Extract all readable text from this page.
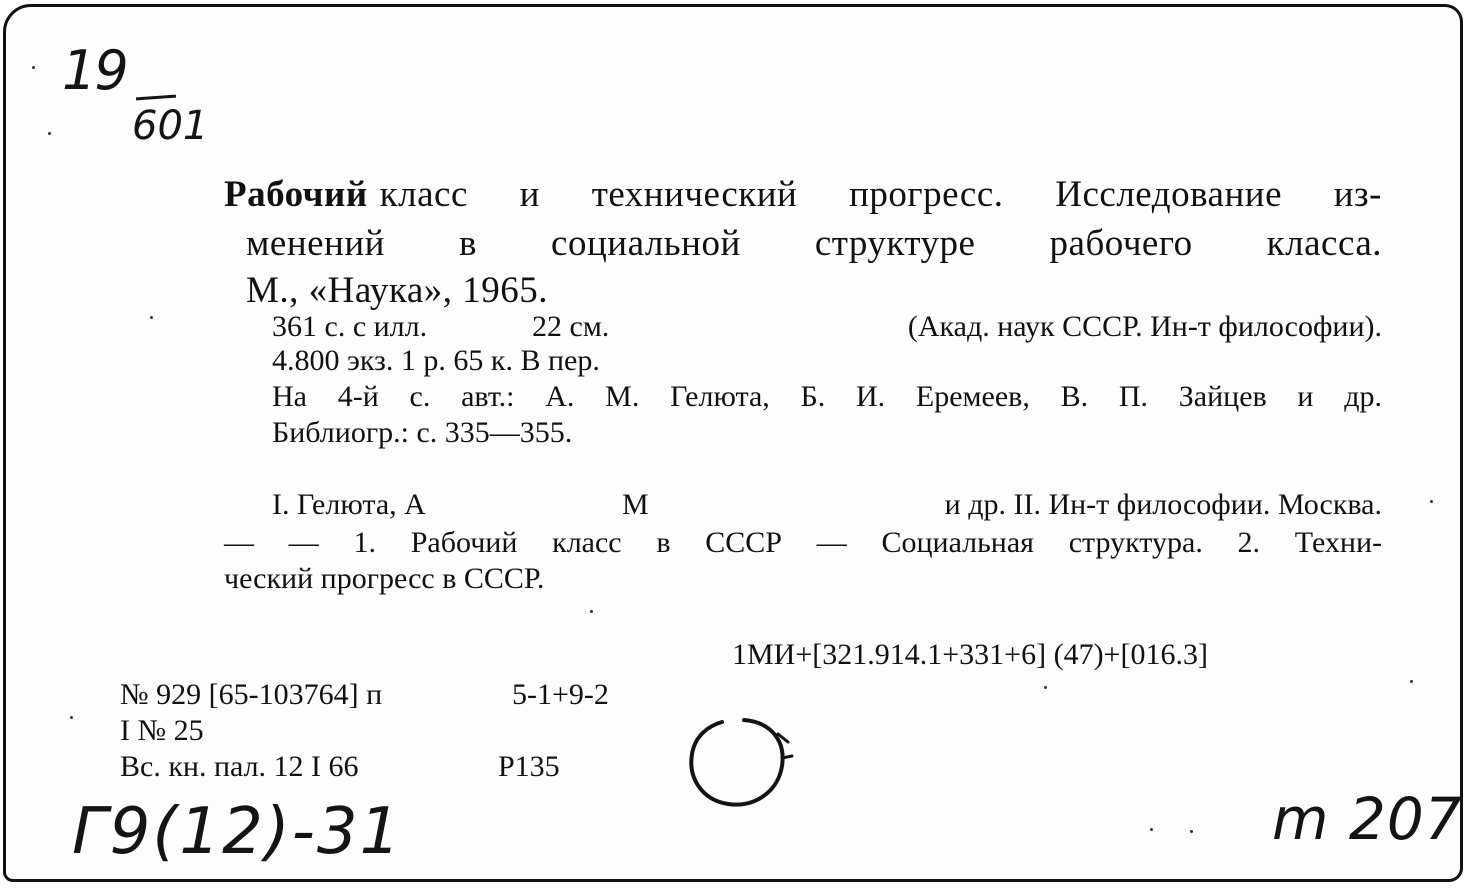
19
601
Г9(12)-31	m 207
Рабочий класс и технический прогресс. Исследование из-
менений в социальной структуре рабочего класса.
М., «Наука», 1965.
361 с. с илл.	22 см.	(Акад. наук СССР. Ин-т философии).
4.800 экз. 1 р. 65 к. В пер.
На 4-й с. авт.: А. М. Гелюта, Б. И. Еремеев, В. П. Зайцев и др.
Библиогр.: с. 335—355.
I. Гелюта, А	М	и др. II. Ин-т философии. Москва.
— — 1. Рабочий класс в СССР — Социальная структура. 2. Техни-
ческий прогресс в СССР.
1МИ+[321.914.1+331+6] (47)+[016.3]
№ 929 [65-103764] п	5-1+9-2
I № 25
Вс. кн. пал. 12 I 66	Р135
